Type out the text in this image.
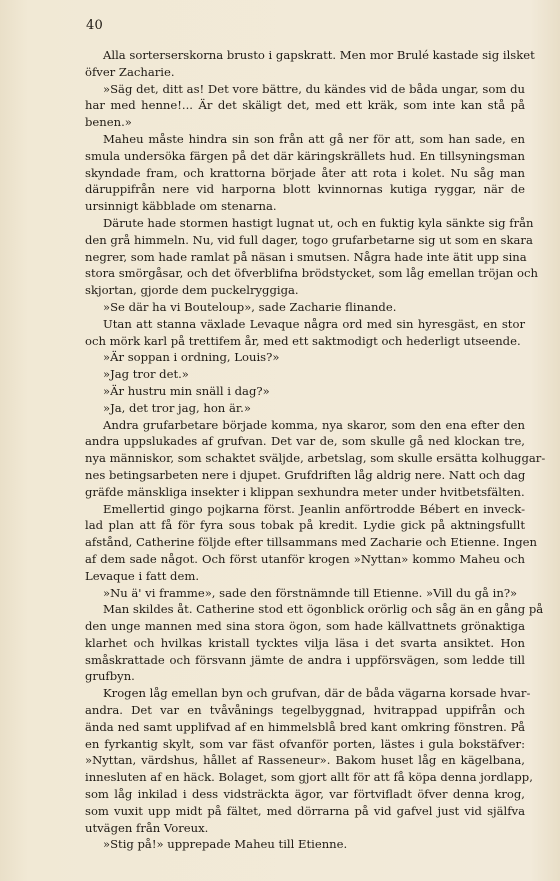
40
Alla sorterserskorna brusto i gapskratt. Men mor Brulé kastade sig ilsket
öfver Zacharie.
»Säg det, ditt as! Det vore bättre, du kändes vid de båda ungar, som du
har med henne!... Är det skäligt det, med ett kräk, som inte kan stå på
benen.»
Maheu måste hindra sin son från att gå ner för att, som han sade, en
smula undersöka färgen på det där käringskrällets hud. En tillsyningsman
skyndade fram, och krattorna började åter att rota i kolet. Nu såg man
däruppifrån nere vid harporna blott kvinnornas kutiga ryggar, när de
ursinnigt käbblade om stenarna.
Därute hade stormen hastigt lugnat ut, och en fuktig kyla sänkte sig från
den grå himmeln. Nu, vid full dager, togo grufarbetarne sig ut som en skara
negrer, som hade ramlat på näsan i smutsen. Några hade inte ätit upp sina
stora smörgåsar, och det öfverblifna brödstycket, som låg emellan tröjan och
skjortan, gjorde dem puckelryggiga.
»Se där ha vi Bouteloup», sade Zacharie flinande.
Utan att stanna växlade Levaque några ord med sin hyresgäst, en stor
och mörk karl på trettifem år, med ett saktmodigt och hederligt utseende.
»Är soppan i ordning, Louis?»
»Jag tror det.»
»Är hustru min snäll i dag?»
»Ja, det tror jag, hon är.»
Andra grufarbetare började komma, nya skaror, som den ena efter den
andra uppslukades af grufvan. Det var de, som skulle gå ned klockan tre,
nya människor, som schaktet sväljde, arbetslag, som skulle ersätta kolhuggar-
nes betingsarbeten nere i djupet. Grufdriften låg aldrig nere. Natt och dag
gräfde mänskliga insekter i klippan sexhundra meter under hvitbetsfälten.
Emellertid gingo pojkarna först. Jeanlin anförtrodde Bébert en inveck-
lad plan att få för fyra sous tobak på kredit. Lydie gick på aktningsfullt
afstånd, Catherine följde efter tillsammans med Zacharie och Etienne. Ingen
af dem sade något. Och först utanför krogen »Nyttan» kommo Maheu och
Levaque i fatt dem.
»Nu ä' vi framme», sade den förstnämnde till Etienne. »Vill du gå in?»
Man skildes åt. Catherine stod ett ögonblick orörlig och såg än en gång på
den unge mannen med sina stora ögon, som hade källvattnets grönaktiga
klarhet och hvilkas kristall tycktes vilja läsa i det svarta ansiktet. Hon
småskrattade och försvann jämte de andra i uppförsvägen, som ledde till
grufbyn.
Krogen låg emellan byn och grufvan, där de båda vägarna korsade hvar-
andra. Det var en tvåvånings tegelbyggnad, hvitrappad uppifrån och
ända ned samt upplifvad af en himmelsblå bred kant omkring fönstren. På
en fyrkantig skylt, som var fäst ofvanför porten, lästes i gula bokstäfver:
»Nyttan, värdshus, hållet af Rasseneur». Bakom huset låg en kägelbana,
innesluten af en häck. Bolaget, som gjort allt för att få köpa denna jordlapp,
som låg inkilad i dess vidsträckta ägor, var förtvifladt öfver denna krog,
som vuxit upp midt på fältet, med dörrarna på vid gafvel just vid själfva
utvägen från Voreux.
»Stig på!» upprepade Maheu till Etienne.
